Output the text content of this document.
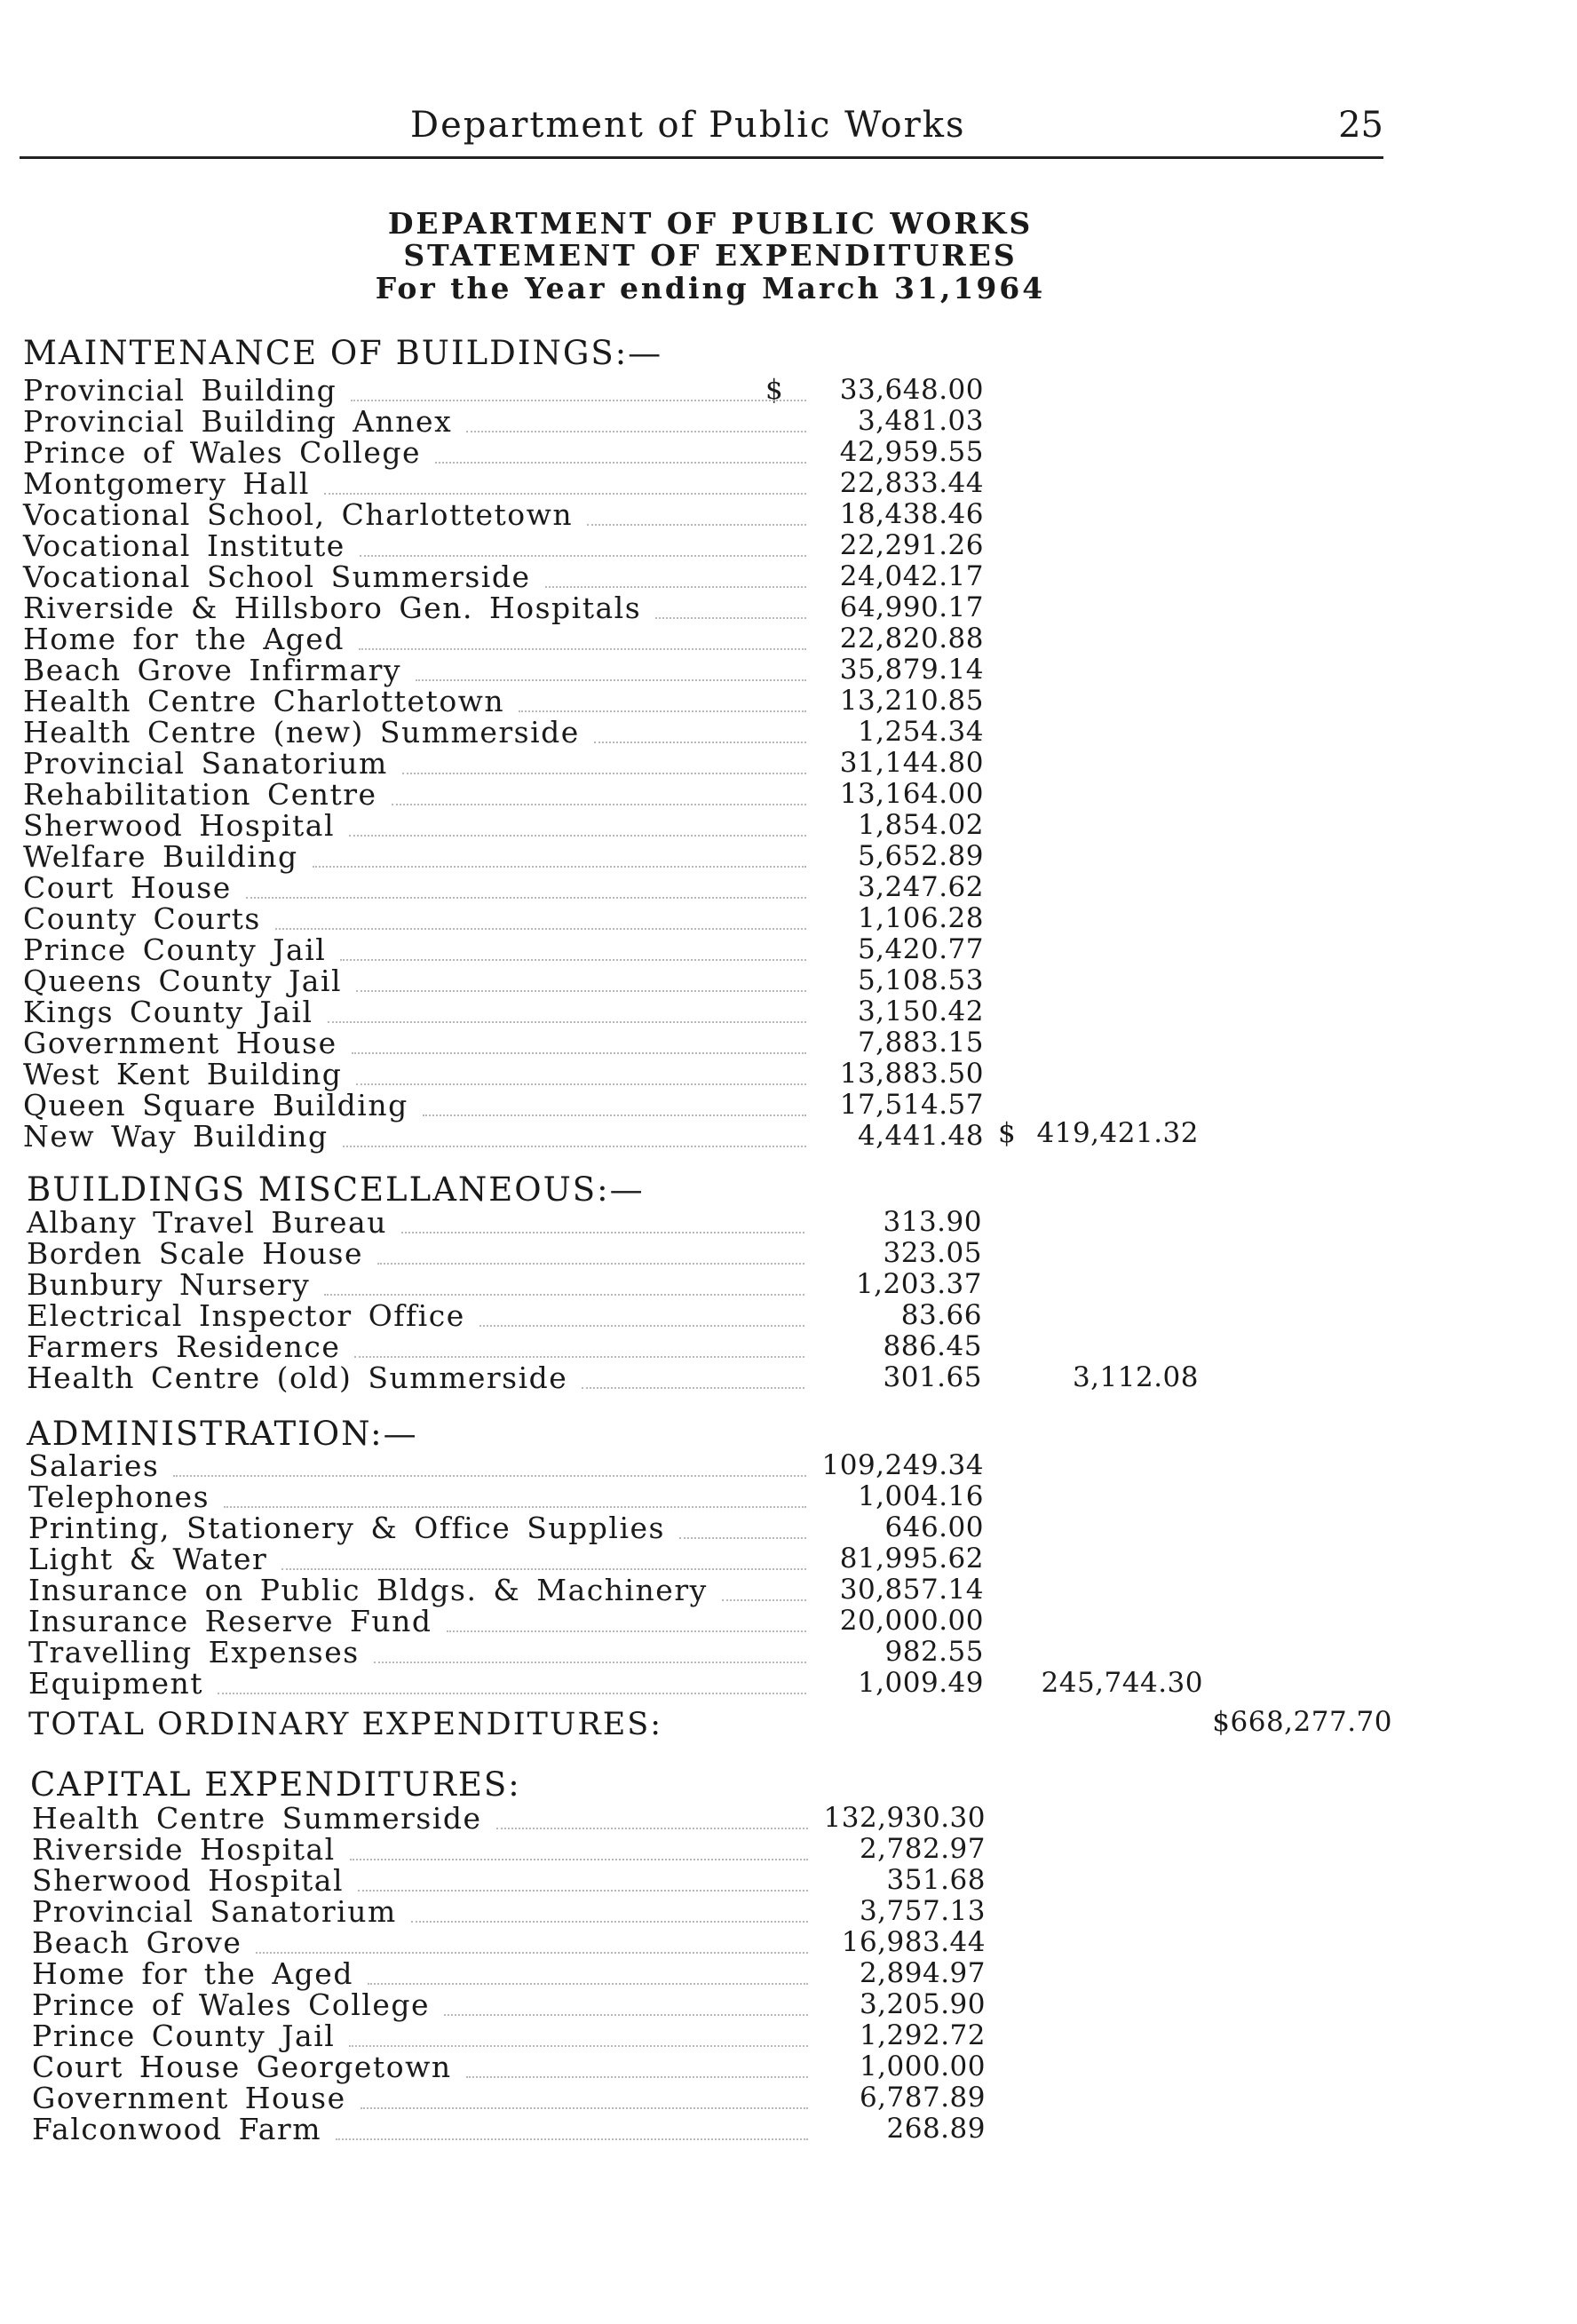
Department of Public Works	25
DEPARTMENT OF PUBLIC WORKS
STATEMENT OF EXPENDITURES
For the Year ending March 31,1964
MAINTENANCE OF BUILDINGS:—
$
Provincial Building	33,648.00
Provincial Building Annex	3,481.03
Prince of Wales College	42,959.55
Montgomery Hall	22,833.44
Vocational School, Charlottetown	18,438.46
Vocational Institute	22,291.26
Vocational School Summerside	24,042.17
Riverside & Hillsboro Gen. Hospitals	64,990.17
Home for the Aged	22,820.88
Beach Grove Infirmary	35,879.14
Health Centre Charlottetown	13,210.85
Health Centre (new) Summerside	1,254.34
Provincial Sanatorium	31,144.80
Rehabilitation Centre	13,164.00
Sherwood Hospital	1,854.02
Welfare Building	5,652.89
Court House	3,247.62
County Courts	1,106.28
Prince County Jail	5,420.77
Queens County Jail	5,108.53
Kings County Jail	3,150.42
Government House	7,883.15
West Kent Building	13,883.50
Queen Square Building	17,514.57
New Way Building	4,441.48 $ 419,421.32
BUILDINGS MISCELLANEOUS:—
Albany Travel Bureau	313.90
Borden Scale House	323.05
Bunbury Nursery	1,203.37
Electrical Inspector Office	83.66
Farmers Residence	886.45
Health Centre (old) Summerside	301.65	3,112.08
ADMINISTRATION:—
Salaries	109,249.34
Telephones	1,004.16
Printing, Stationery & Office Supplies	646.00
Light & Water	81,995.62
Insurance on Public Bldgs. & Machinery	30,857.14
Insurance Reserve Fund	20,000.00
Travelling Expenses	982.55
Equipment	1,009.49	245,744.30
TOTAL ORDINARY EXPENDITURES:	$668,277.70
CAPITAL EXPENDITURES:
Health Centre Summerside	132,930.30
Riverside Hospital	2,782.97
Sherwood Hospital	351.68
Provincial Sanatorium	3,757.13
Beach Grove	16,983.44
Home for the Aged	2,894.97
Prince of Wales College	3,205.90
Prince County Jail	1,292.72
Court House Georgetown	1,000.00
Government House	6,787.89
Falconwood Farm	268.89
